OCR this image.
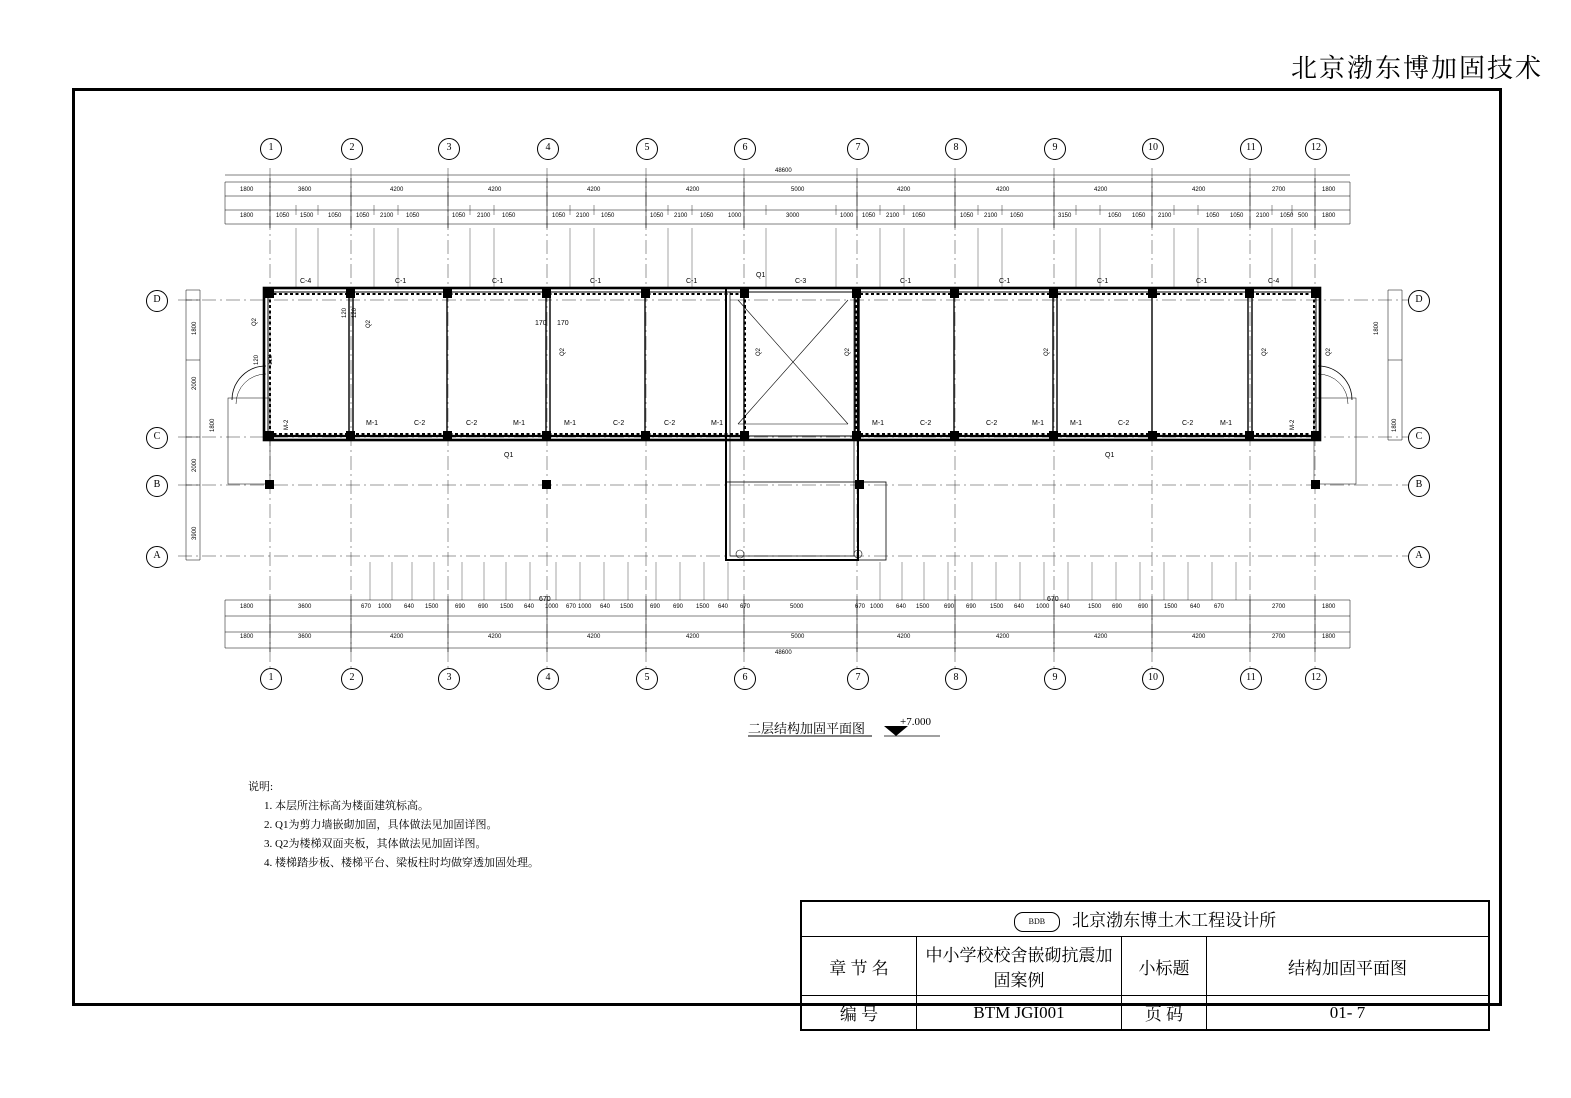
北京渤东博加固技术
1	2	3	4	5	6	7	8	9	10	11	12
1	2	3	4	5	6	7	8	9	10	11	12
D
C
B
A
D
C
B
A
48600
48600
1800	3600	4200	4200	4200	4200	5000	4200	4200	4200	4200	2700	1800
1800	1050 1500 1050 1050 2100 1050	1050 2100 1050	1050 2100 1050	1050 2100 1050 1000	3000	1000 1050 2100 1050	1050 2100 1050	3150	1050 1050 2100	1050 1050 2100 1050 500 1800
1800	3600	670 1000 640 1500	690 690 1500 640 1000 670 1000 640 1500	690 690 1500 640 670	5000	670 1000 640 1500 690 690 1500 640 1000 640	1500 690	690	1500 640 670	2700	1800
1800	3600	4200	4200	4200	4200	5000	4200	4200	4200	4200	2700	1800
1800
2000
1800
2000
3900
1800
1800
C-4	C-1	C-1	C-1	C-1	C-3	C-1	C-1	C-1	C-1	C-4
M-2	M-1	C-2	C-2	M-1	M-1	C-2	C-2	M-1	M-1	C-2	C-2	M-1	M-1	C-2	C-2	M-1	M-2
Q1
Q1	Q1
Q2	Q2
Q2	Q2	Q2	Q2	Q2	Q2
120 120
120 120
170 170
670	670
二层结构加固平面图	+7.000
说明:
1. 本层所注标高为楼面建筑标高。
2. Q1为剪力墙嵌砌加固，具体做法见加固详图。
3. Q2为楼梯双面夹板，其体做法见加固详图。
4. 楼梯踏步板、楼梯平台、梁板柱时均做穿透加固处理。
BDB 北京渤东博土木工程设计所			
章 节 名	中小学校校舍嵌砌抗震加固案例	小标题	结构加固平面图
编 号	BTM JGI001	页 码	01- 7
